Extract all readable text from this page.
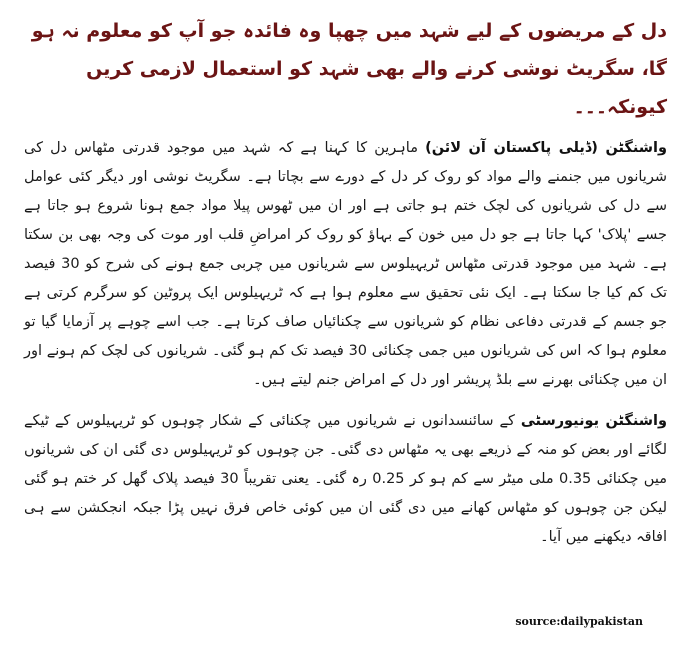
دل کے مریضوں کے لیے شہد میں چھپا وہ فائدہ جو آپ کو معلوم نہ ہو گا، سگریٹ نوشی کرنے والے بھی شہد کو استعمال لازمی کریں کیونکہ۔۔۔

واشنگٹن (ڈیلی پاکستان آن لائن) ماہرین کا کہنا ہے کہ شہد میں موجود قدرتی مٹھاس دل کی شریانوں میں جنمنے والے مواد کو روک کر دل کے دورے سے بچاتا ہے۔ سگریٹ نوشی اور دیگر کئی عوامل سے دل کی شریانوں کی لچک ختم ہو جاتی ہے اور ان میں ٹھوس پیلا مواد جمع ہونا شروع ہو جاتا ہے جسے 'پلاک' کہا جاتا ہے جو دل میں خون کے بہاؤ کو روک کر امراضِ قلب اور موت کی وجہ بھی بن سکتا ہے۔ شہد میں موجود قدرتی مٹھاس ٹریہیلوس سے شریانوں میں چربی جمع ہونے کی شرح کو 30 فیصد تک کم کیا جا سکتا ہے۔ ایک نئی تحقیق سے معلوم ہوا ہے کہ ٹریہیلوس ایک پروٹین کو سرگرم کرتی ہے جو جسم کے قدرتی دفاعی نظام کو شریانوں سے چکنائیاں صاف کرتا ہے۔ جب اسے چوہے پر آزمایا گیا تو معلوم ہوا کہ اس کی شریانوں میں جمی چکنائی 30 فیصد تک کم ہو گئی۔ شریانوں کی لچک کم ہونے اور ان میں چکنائی بھرنے سے بلڈ پریشر اور دل کے امراض جنم لیتے ہیں۔

واشنگٹن یونیورسٹی کے سائنسدانوں نے شریانوں میں چکنائی کے شکار چوہوں کو ٹریہیلوس کے ٹیکے لگائے اور بعض کو منہ کے ذریعے بھی یہ مٹھاس دی گئی۔ جن چوہوں کو ٹریہیلوس دی گئی ان کی شریانوں میں چکنائی 0.35 ملی میٹر سے کم ہو کر 0.25 رہ گئی۔ یعنی تقریباً 30 فیصد پلاک گھل کر ختم ہو گئی لیکن جن چوہوں کو مٹھاس کھانے میں دی گئی ان میں کوئی خاص فرق نہیں پڑا جبکہ انجکشن سے ہی افاقہ دیکھنے میں آیا۔

source:dailypakistan
